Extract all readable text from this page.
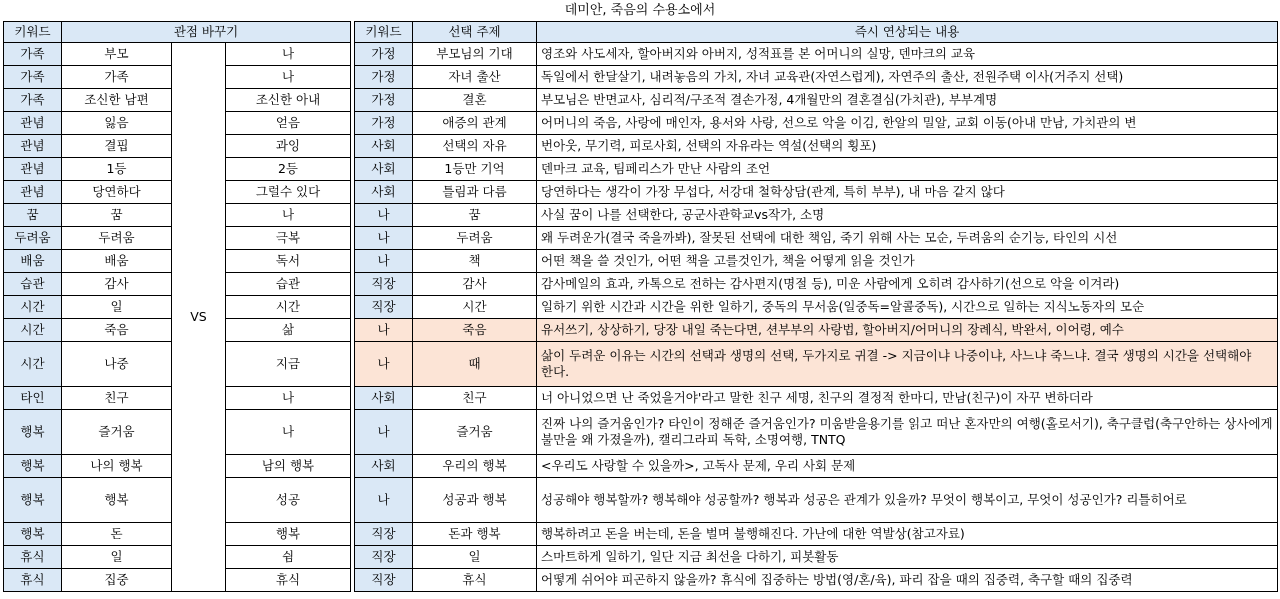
데미안, 죽음의 수용소에서
키워드	관점 바꾸기		
가족	부모	VS	나
가족	가족		나
가족	조신한 남편		조신한 아내
관념	잃음		얻음
관념	결핍		과잉
관념	1등		2등
관념	당연하다		그럴수 있다
꿈	꿈		나
두려움	두려움		극복
배움	배움		독서
습관	감사		습관
시간	일		시간
시간	죽음		삶
시간	나중		지금
타인	친구		나
행복	즐거움		나
행복	나의 행복		남의 행복
행복	행복		성공
행복	돈		행복
휴식	일		쉼
휴식	집중		휴식
키워드	선택 주제	즉시 연상되는 내용
가정	부모님의 기대	영조와 사도세자, 할아버지와 아버지, 성적표를 본 어머니의 실망, 덴마크의 교육
가정	자녀 출산	독일에서 한달살기, 내려놓음의 가치, 자녀 교육관(자연스럽게), 자연주의 출산, 전원주택 이사(거주지 선택)
가정	결혼	부모님은 반면교사, 심리적/구조적 결손가정, 4개월만의 결혼결심(가치관), 부부계명
가정	애증의 관계	어머니의 죽음, 사랑에 매인자, 용서와 사랑, 선으로 악을 이김, 한알의 밀알, 교회 이동(아내 만남, 가치관의 변
사회	선택의 자유	번아웃, 무기력, 피로사회, 선택의 자유라는 역설(선택의 횡포)
사회	1등만 기억	덴마크 교육, 팀페리스가 만난 사람의 조언
사회	틀림과 다름	당연하다는 생각이 가장 무섭다, 서강대 철학상담(관계, 특히 부부), 내 마음 같지 않다
나	꿈	사실 꿈이 나를 선택한다, 공군사관학교vs작가, 소명
나	두려움	왜 두려운가(결국 죽을까봐), 잘못된 선택에 대한 책임, 죽기 위해 사는 모순, 두려움의 순기능, 타인의 시선
나	책	어떤 책을 쓸 것인가, 어떤 책을 고를것인가, 책을 어떻게 읽을 것인가
직장	감사	감사메일의 효과, 카톡으로 전하는 감사편지(명절 등), 미운 사람에게 오히려 감사하기(선으로 악을 이겨라)
직장	시간	일하기 위한 시간과 시간을 위한 일하기, 중독의 무서움(일중독=알콜중독), 시간으로 일하는 지식노동자의 모순
나	죽음	유서쓰기, 상상하기, 당장 내일 죽는다면, 션부부의 사랑법, 할아버지/어머니의 장례식, 박완서, 이어령, 예수
나	때	삶이 두려운 이유는 시간의 선택과 생명의 선택, 두가지로 귀결 -> 지금이냐 나중이냐, 사느냐 죽느냐. 결국 생명의 시간을 선택해야 한다.
사회	친구	너 아니었으면 난 죽었을거야'라고 말한 친구 세명, 친구의 결정적 한마디, 만남(친구)이 자꾸 변하더라
나	즐거움	진짜 나의 즐거움인가? 타인이 정해준 즐거움인가? 미움받을용기를 읽고 떠난 혼자만의 여행(홀로서기), 축구클럽(축구안하는 상사에게 불만을 왜 가졌을까), 캘리그라피 독학, 소명여행, TNTQ
사회	우리의 행복	<우리도 사랑할 수 있을까>, 고독사 문제, 우리 사회 문제
나	성공과 행복	성공해야 행복할까? 행복해야 성공할까? 행복과 성공은 관계가 있을까? 무엇이 행복이고, 무엇이 성공인가? 리틀히어로
직장	돈과 행복	행복하려고 돈을 버는데, 돈을 벌며 불행해진다. 가난에 대한 역발상(참고자료)
직장	일	스마트하게 일하기, 일단 지금 최선을 다하기, 피봇활동
직장	휴식	어떻게 쉬어야 피곤하지 않을까? 휴식에 집중하는 방법(영/혼/육), 파리 잡을 때의 집중력, 축구할 때의 집중력
